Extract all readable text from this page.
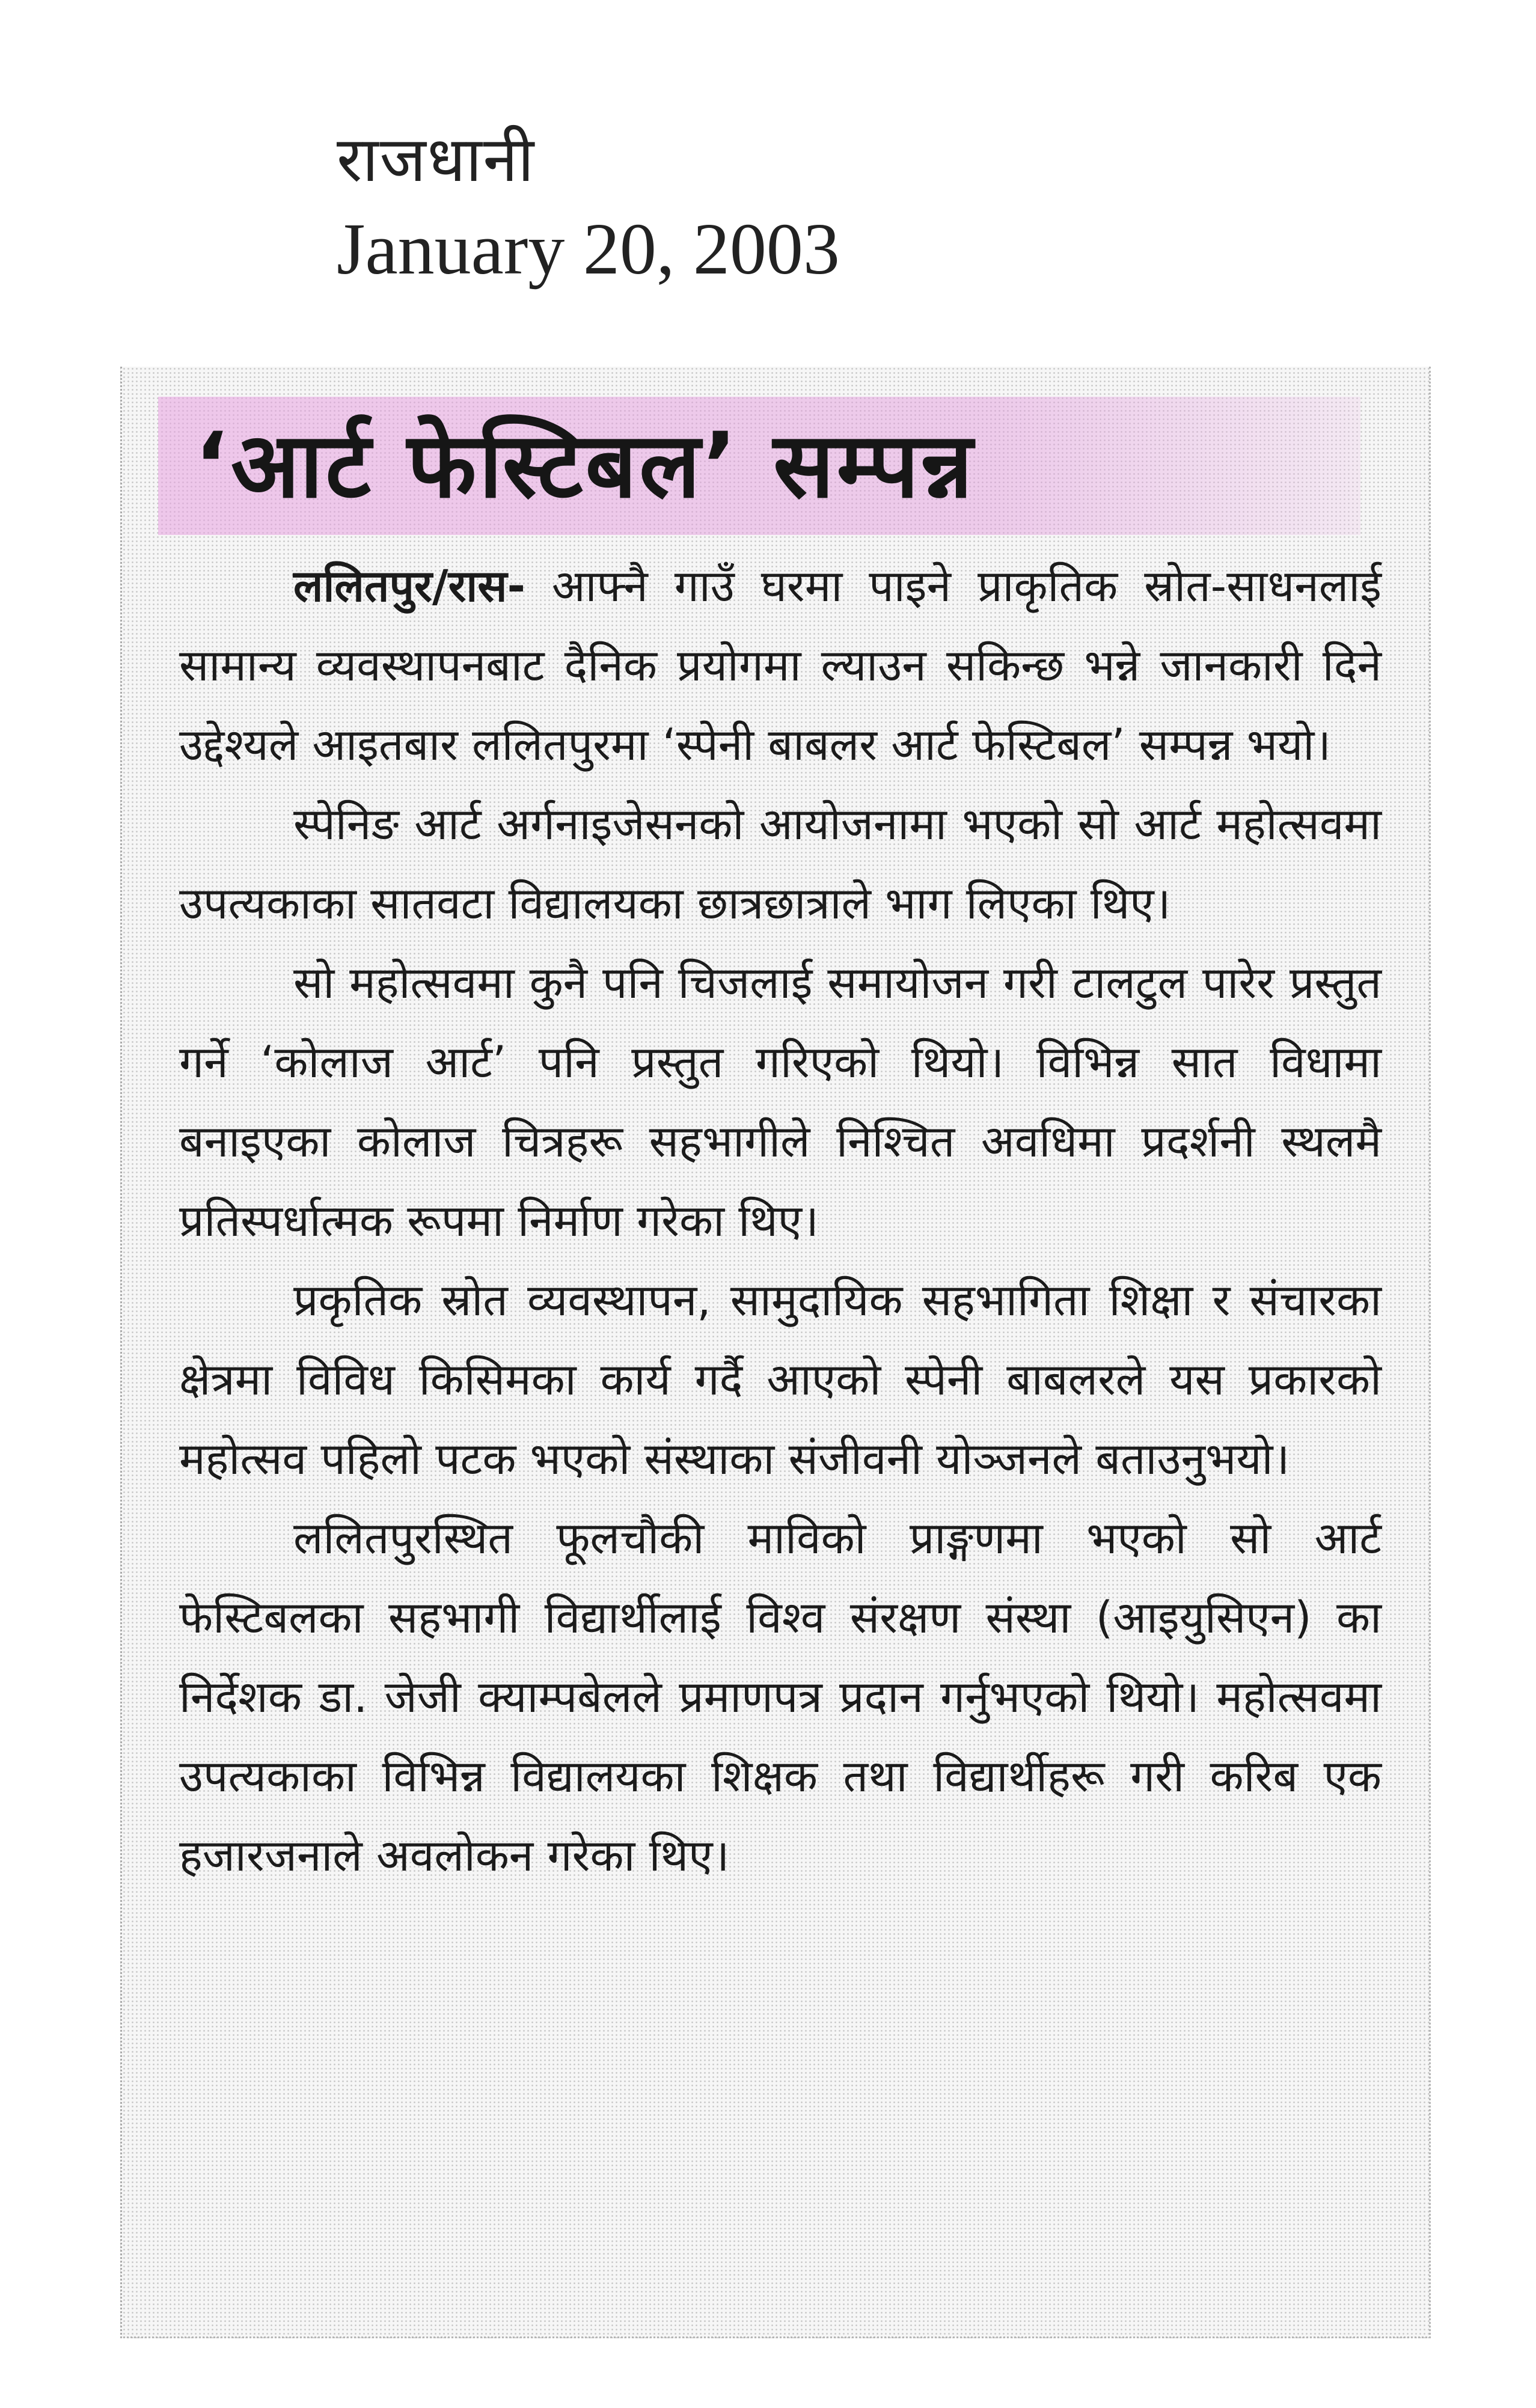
राजधानी
January 20, 2003
‘आर्ट फेस्टिबल’ सम्पन्न

ललितपुर/रास- आफ्नै गाउँ घरमा पाइने प्राकृतिक स्रोत-साधनलाई सामान्य व्यवस्थापनबाट दैनिक प्रयोगमा ल्याउन सकिन्छ भन्ने जानकारी दिने उद्देश्यले आइतबार ललितपुरमा ‘स्पेनी बाबलर आर्ट फेस्टिबल’ सम्पन्न भयो।

स्पेनिङ आर्ट अर्गनाइजेसनको आयोजनामा भएको सो आर्ट महोत्सवमा उपत्यकाका सातवटा विद्यालयका छात्रछात्राले भाग लिएका थिए।

सो महोत्सवमा कुनै पनि चिजलाई समायोजन गरी टालटुल पारेर प्रस्तुत गर्ने ‘कोलाज आर्ट’ पनि प्रस्तुत गरिएको थियो। विभिन्न सात विधामा बनाइएका कोलाज चित्रहरू सहभागीले निश्चित अवधिमा प्रदर्शनी स्थलमै प्रतिस्पर्धात्मक रूपमा निर्माण गरेका थिए।

प्रकृतिक स्रोत व्यवस्थापन, सामुदायिक सहभागिता शिक्षा र संचारका क्षेत्रमा विविध किसिमका कार्य गर्दै आएको स्पेनी बाबलरले यस प्रकारको महोत्सव पहिलो पटक भएको संस्थाका संजीवनी योञ्जनले बताउनुभयो।

ललितपुरस्थित फूलचौकी माविको प्राङ्गणमा भएको सो आर्ट फेस्टिबलका सहभागी विद्यार्थीलाई विश्व संरक्षण संस्था (आइयुसिएन) का निर्देशक डा. जेजी क्याम्पबेलले प्रमाणपत्र प्रदान गर्नुभएको थियो। महोत्सवमा उपत्यकाका विभिन्न विद्यालयका शिक्षक तथा विद्यार्थीहरू गरी करिब एक हजारजनाले अवलोकन गरेका थिए।
